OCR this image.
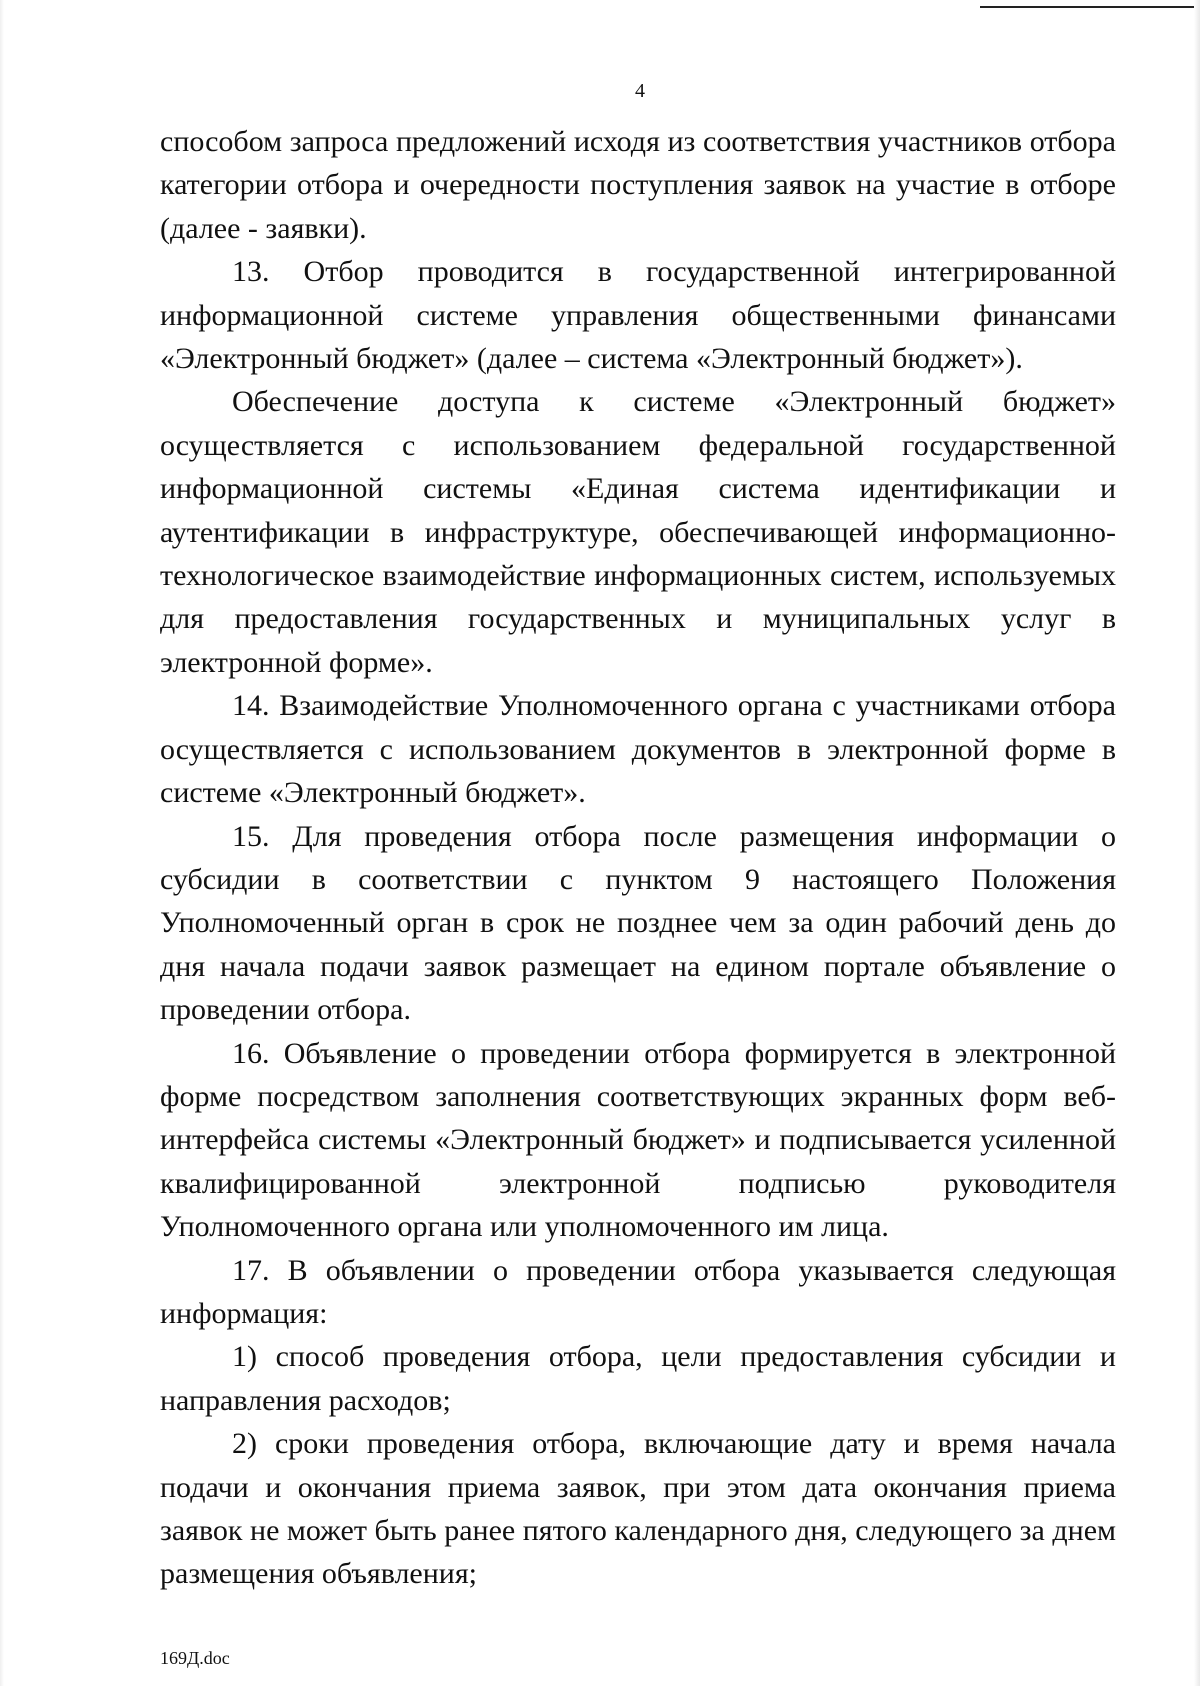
4

способом запроса предложений исходя из соответствия участников отбора категории отбора и очередности поступления заявок на участие в отборе (далее - заявки).

13. Отбор проводится в государственной интегрированной информационной системе управления общественными финансами «Электронный бюджет» (далее – система «Электронный бюджет»).

Обеспечение доступа к системе «Электронный бюджет» осуществляется с использованием федеральной государственной информационной системы «Единая система идентификации и аутентификации в инфраструктуре, обеспечивающей информационно-технологическое взаимодействие информационных систем, используемых для предоставления государственных и муниципальных услуг в электронной форме».

14. Взаимодействие Уполномоченного органа с участниками отбора осуществляется с использованием документов в электронной форме в системе «Электронный бюджет».

15. Для проведения отбора после размещения информации о субсидии в соответствии с пунктом 9 настоящего Положения Уполномоченный орган в срок не позднее чем за один рабочий день до дня начала подачи заявок размещает на едином портале объявление о проведении отбора.

16. Объявление о проведении отбора формируется в электронной форме посредством заполнения соответствующих экранных форм веб-интерфейса системы «Электронный бюджет» и подписывается усиленной квалифицированной электронной подписью руководителя Уполномоченного органа или уполномоченного им лица.

17. В объявлении о проведении отбора указывается следующая информация:

1) способ проведения отбора, цели предоставления субсидии и направления расходов;

2) сроки проведения отбора, включающие дату и время начала подачи и окончания приема заявок, при этом дата окончания приема заявок не может быть ранее пятого календарного дня, следующего за днем размещения объявления;

169Д.doc
